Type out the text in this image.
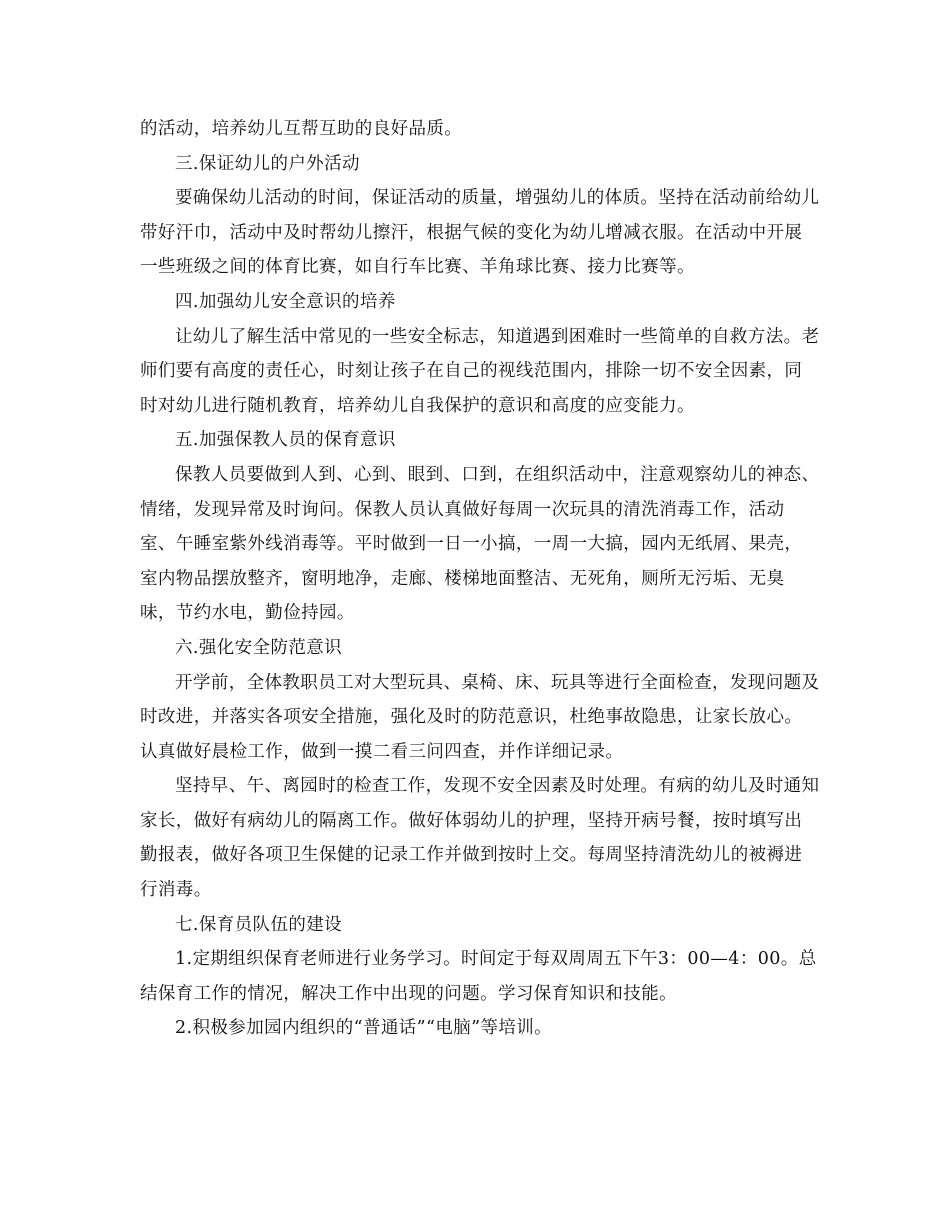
的活动，培养幼儿互帮互助的良好品质。

三.保证幼儿的户外活动

要确保幼儿活动的时间，保证活动的质量，增强幼儿的体质。坚持在活动前给幼儿带好汗巾，活动中及时帮幼儿擦汗，根据气候的变化为幼儿增减衣服。在活动中开展一些班级之间的体育比赛，如自行车比赛、羊角球比赛、接力比赛等。

四.加强幼儿安全意识的培养

让幼儿了解生活中常见的一些安全标志，知道遇到困难时一些简单的自救方法。老师们要有高度的责任心，时刻让孩子在自己的视线范围内，排除一切不安全因素，同时对幼儿进行随机教育，培养幼儿自我保护的意识和高度的应变能力。

五.加强保教人员的保育意识

保教人员要做到人到、心到、眼到、口到，在组织活动中，注意观察幼儿的神态、情绪，发现异常及时询问。保教人员认真做好每周一次玩具的清洗消毒工作，活动室、午睡室紫外线消毒等。平时做到一日一小搞，一周一大搞，园内无纸屑、果壳，室内物品摆放整齐，窗明地净，走廊、楼梯地面整洁、无死角，厕所无污垢、无臭味，节约水电，勤俭持园。

六.强化安全防范意识

开学前，全体教职员工对大型玩具、桌椅、床、玩具等进行全面检查，发现问题及时改进，并落实各项安全措施，强化及时的防范意识，杜绝事故隐患，让家长放心。认真做好晨检工作，做到一摸二看三问四查，并作详细记录。

坚持早、午、离园时的检查工作，发现不安全因素及时处理。有病的幼儿及时通知家长，做好有病幼儿的隔离工作。做好体弱幼儿的护理，坚持开病号餐，按时填写出勤报表，做好各项卫生保健的记录工作并做到按时上交。每周坚持清洗幼儿的被褥进行消毒。

七.保育员队伍的建设

1.定期组织保育老师进行业务学习。时间定于每双周周五下午3：00—4：00。总结保育工作的情况，解决工作中出现的问题。学习保育知识和技能。

2.积极参加园内组织的“普通话”“电脑”等培训。
